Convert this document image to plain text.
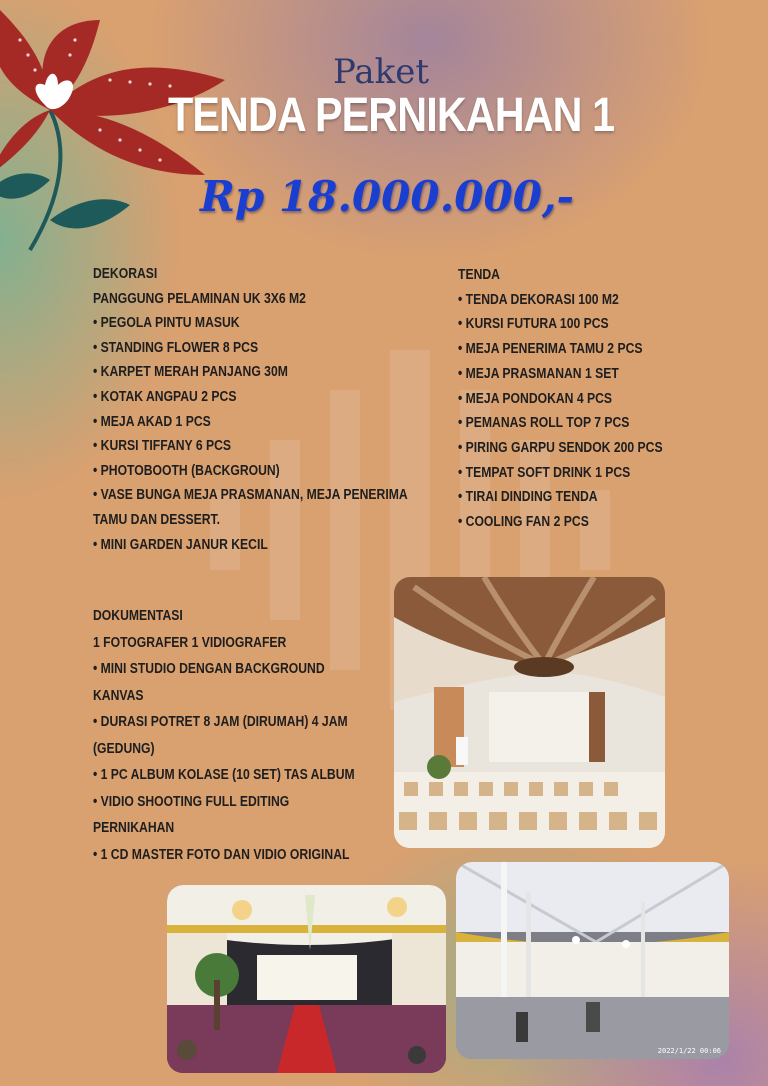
Paket
TENDA PERNIKAHAN 1
Rp 18.000.000,-
DEKORASI
PANGGUNG PELAMINAN UK 3X6 M2
• PEGOLA PINTU MASUK
• STANDING FLOWER 8 PCS
• KARPET MERAH PANJANG 30M
• KOTAK ANGPAU 2 PCS
• MEJA AKAD 1 PCS
• KURSI TIFFANY 6 PCS
• PHOTOBOOTH (BACKGROUN)
• VASE BUNGA MEJA PRASMANAN, MEJA PENERIMA
TAMU DAN DESSERT.
• MINI GARDEN JANUR KECIL
TENDA
• TENDA DEKORASI 100 M2
• KURSI FUTURA 100 PCS
• MEJA PENERIMA TAMU 2 PCS
• MEJA PRASMANAN 1 SET
• MEJA PONDOKAN 4 PCS
• PEMANAS ROLL TOP 7 PCS
• PIRING GARPU SENDOK 200 PCS
• TEMPAT SOFT DRINK 1 PCS
• TIRAI DINDING TENDA
• COOLING FAN 2 PCS
DOKUMENTASI
1 FOTOGRAFER 1 VIDIOGRAFER
• MINI STUDIO DENGAN BACKGROUND
KANVAS
• DURASI POTRET 8 JAM (DIRUMAH) 4 JAM
(GEDUNG)
• 1 PC ALBUM KOLASE (10 SET) TAS ALBUM
• VIDIO SHOOTING FULL EDITING
PERNIKAHAN
• 1 CD MASTER FOTO DAN VIDIO ORIGINAL
2022/1/22 00:06
